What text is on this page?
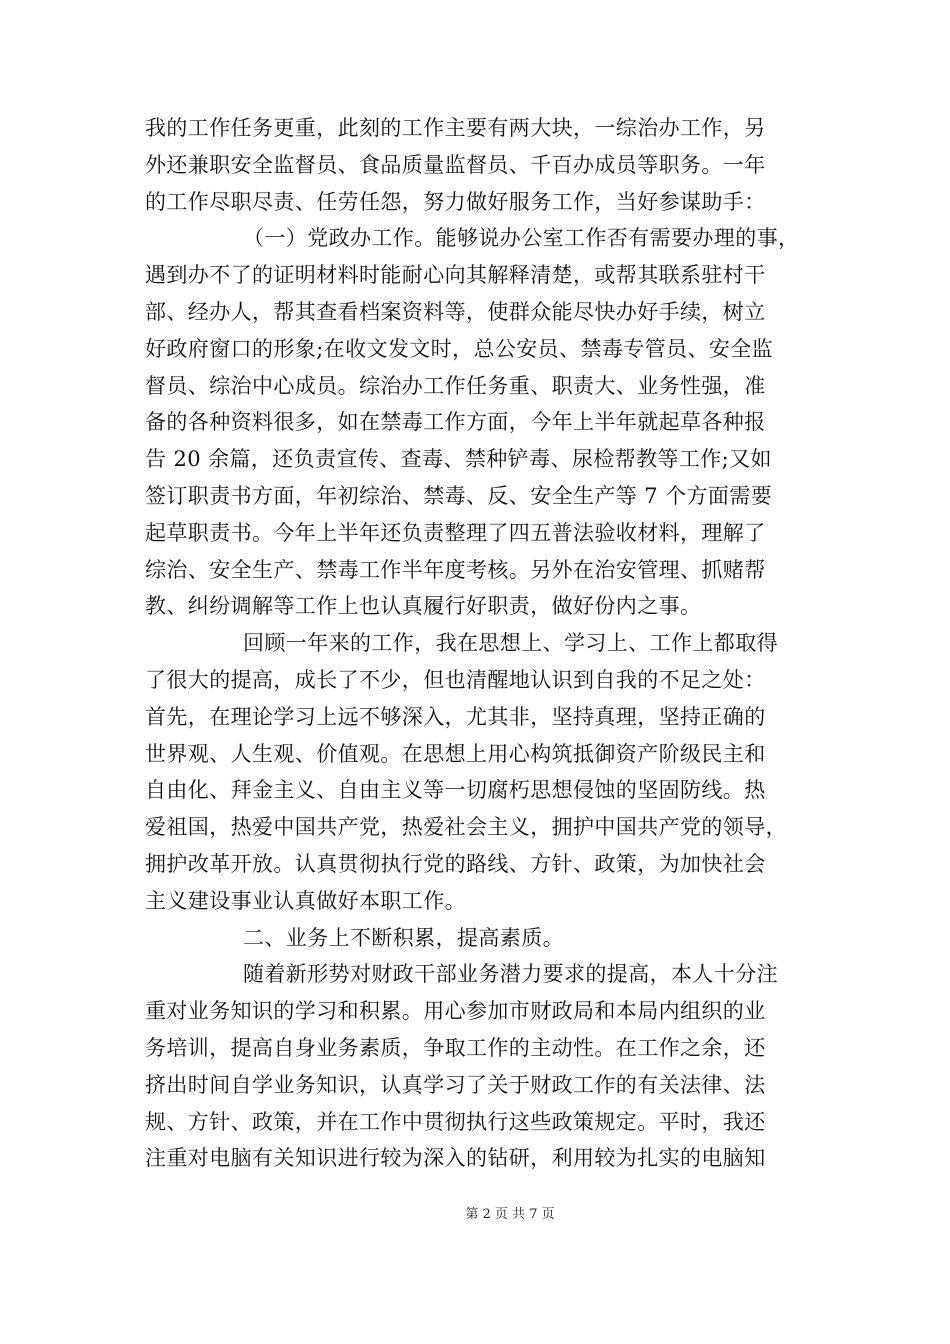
我的工作任务更重，此刻的工作主要有两大块，一综治办工作，另
外还兼职安全监督员、食品质量监督员、千百办成员等职务。一年
的工作尽职尽责、任劳任怨，努力做好服务工作，当好参谋助手：
（一）党政办工作。能够说办公室工作否有需要办理的事，
遇到办不了的证明材料时能耐心向其解释清楚，或帮其联系驻村干
部、经办人，帮其查看档案资料等，使群众能尽快办好手续，树立
好政府窗口的形象;在收文发文时，总公安员、禁毒专管员、安全监
督员、综治中心成员。综治办工作任务重、职责大、业务性强，准
备的各种资料很多，如在禁毒工作方面，今年上半年就起草各种报
告 20 余篇，还负责宣传、查毒、禁种铲毒、尿检帮教等工作;又如
签订职责书方面，年初综治、禁毒、反、安全生产等 7 个方面需要
起草职责书。今年上半年还负责整理了四五普法验收材料，理解了
综治、安全生产、禁毒工作半年度考核。另外在治安管理、抓赌帮
教、纠纷调解等工作上也认真履行好职责，做好份内之事。
回顾一年来的工作，我在思想上、学习上、工作上都取得
了很大的提高，成长了不少，但也清醒地认识到自我的不足之处：
首先，在理论学习上远不够深入，尤其非，坚持真理，坚持正确的
世界观、人生观、价值观。在思想上用心构筑抵御资产阶级民主和
自由化、拜金主义、自由主义等一切腐朽思想侵蚀的坚固防线。热
爱祖国，热爱中国共产党，热爱社会主义，拥护中国共产党的领导，
拥护改革开放。认真贯彻执行党的路线、方针、政策，为加快社会
主义建设事业认真做好本职工作。
二、业务上不断积累，提高素质。
随着新形势对财政干部业务潜力要求的提高，本人十分注
重对业务知识的学习和积累。用心参加市财政局和本局内组织的业
务培训，提高自身业务素质，争取工作的主动性。在工作之余，还
挤出时间自学业务知识，认真学习了关于财政工作的有关法律、法
规、方针、政策，并在工作中贯彻执行这些政策规定。平时，我还
注重对电脑有关知识进行较为深入的钻研，利用较为扎实的电脑知
第 2 页 共 7 页
